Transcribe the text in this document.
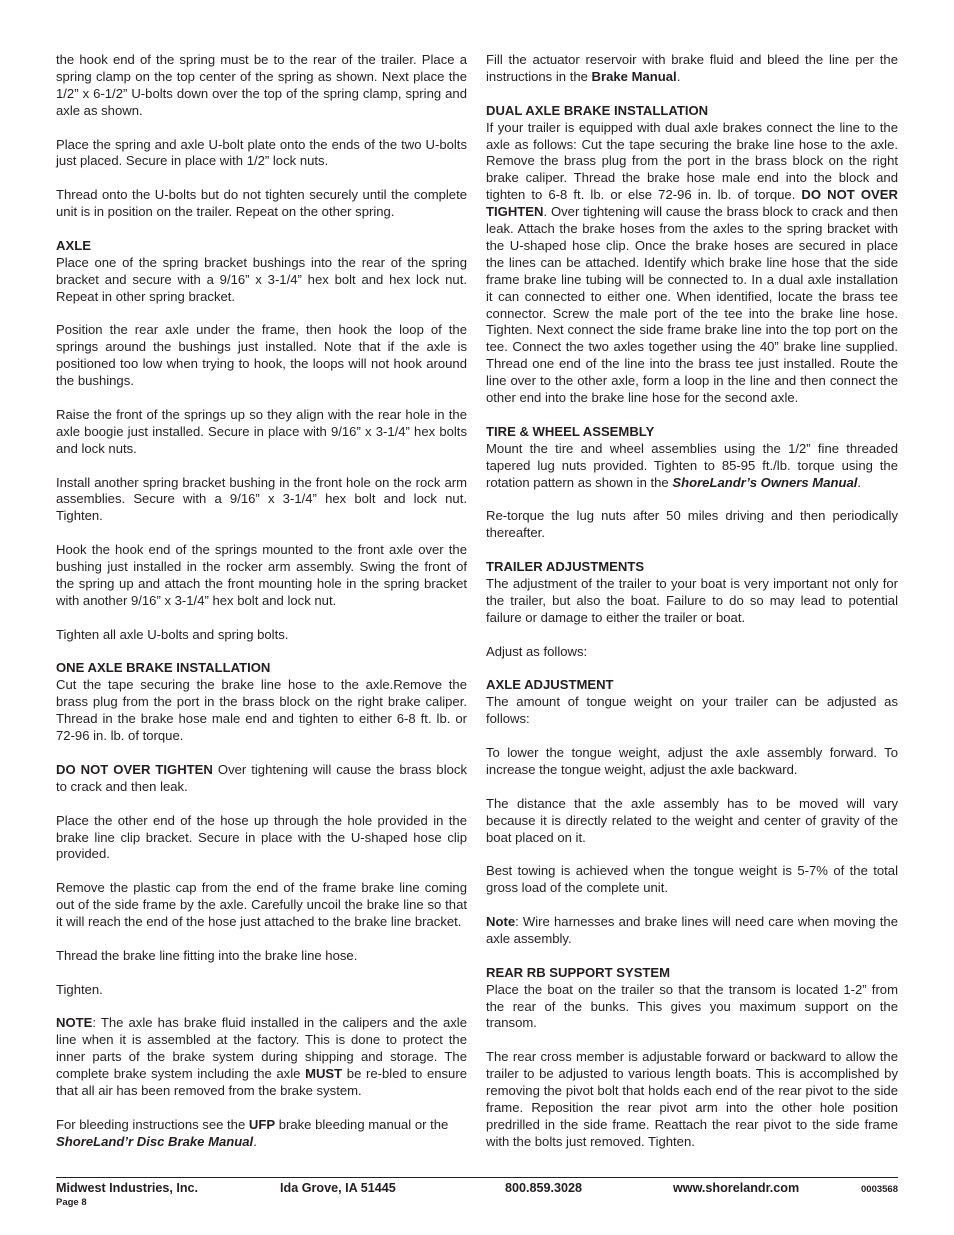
the hook end of the spring must be to the rear of the trailer. Place a spring clamp on the top center of the spring as shown. Next place the 1/2” x 6-1/2” U-bolts down over the top of the spring clamp, spring and axle as shown.

Place the spring and axle U-bolt plate onto the ends of the two U-bolts just placed. Secure in place with 1/2” lock nuts.

Thread onto the U-bolts but do not tighten securely until the complete unit is in position on the trailer. Repeat on the other spring.

AXLE

Place one of the spring bracket bushings into the rear of the spring bracket and secure with a 9/16” x 3-1/4” hex bolt and hex lock nut. Repeat in other spring bracket.

Position the rear axle under the frame, then hook the loop of the springs around the bushings just installed. Note that if the axle is positioned too low when trying to hook, the loops will not hook around the bushings.

Raise the front of the springs up so they align with the rear hole in the axle boogie just installed. Secure in place with 9/16” x 3-1/4” hex bolts and lock nuts.

Install another spring bracket bushing in the front hole on the rock arm assemblies. Secure with a 9/16” x 3-1/4” hex bolt and lock nut. Tighten.

Hook the hook end of the springs mounted to the front axle over the bushing just installed in the rocker arm assembly. Swing the front of the spring up and attach the front mounting hole in the spring bracket with another 9/16” x 3-1/4” hex bolt and lock nut.

Tighten all axle U-bolts and spring bolts.

ONE AXLE BRAKE INSTALLATION

Cut the tape securing the brake line hose to the axle.Remove the brass plug from the port in the brass block on the right brake caliper. Thread in the brake hose male end and tighten to either 6-8 ft. lb. or 72-96 in. lb. of torque.

DO NOT OVER TIGHTEN Over tightening will cause the brass block to crack and then leak.

Place the other end of the hose up through the hole provided in the brake line clip bracket. Secure in place with the U-shaped hose clip provided.

Remove the plastic cap from the end of the frame brake line coming out of the side frame by the axle. Carefully uncoil the brake line so that it will reach the end of the hose just attached to the brake line bracket.

Thread the brake line fitting into the brake line hose.

Tighten.

NOTE: The axle has brake fluid installed in the calipers and the axle line when it is assembled at the factory. This is done to protect the inner parts of the brake system during shipping and storage. The complete brake system including the axle MUST be re-bled to ensure that all air has been removed from the brake system.

For bleeding instructions see the UFP brake bleeding manual or the ShoreLand’r Disc Brake Manual.

Fill the actuator reservoir with brake fluid and bleed the line per the instructions in the Brake Manual.

DUAL AXLE BRAKE INSTALLATION

If your trailer is equipped with dual axle brakes connect the line to the axle as follows: Cut the tape securing the brake line hose to the axle. Remove the brass plug from the port in the brass block on the right brake caliper. Thread the brake hose male end into the block and tighten to 6-8 ft. lb. or else 72-96 in. lb. of torque. DO NOT OVER TIGHTEN. Over tightening will cause the brass block to crack and then leak. Attach the brake hoses from the axles to the spring bracket with the U-shaped hose clip. Once the brake hoses are secured in place the lines can be attached. Identify which brake line hose that the side frame brake line tubing will be connected to. In a dual axle installation it can connected to either one. When identified, locate the brass tee connector. Screw the male port of the tee into the brake line hose. Tighten. Next connect the side frame brake line into the top port on the tee. Connect the two axles together using the 40” brake line supplied. Thread one end of the line into the brass tee just installed. Route the line over to the other axle, form a loop in the line and then connect the other end into the brake line hose for the second axle.

TIRE & WHEEL ASSEMBLY

Mount the tire and wheel assemblies using the 1/2” fine threaded tapered lug nuts provided. Tighten to 85-95 ft./lb. torque using the rotation pattern as shown in the ShoreLandr’s Owners Manual.

Re-torque the lug nuts after 50 miles driving and then periodically thereafter.

TRAILER ADJUSTMENTS

The adjustment of the trailer to your boat is very important not only for the trailer, but also the boat. Failure to do so may lead to potential failure or damage to either the trailer or boat.

Adjust as follows:

AXLE ADJUSTMENT

The amount of tongue weight on your trailer can be adjusted as follows:

To lower the tongue weight, adjust the axle assembly forward. To increase the tongue weight, adjust the axle backward.

The distance that the axle assembly has to be moved will vary because it is directly related to the weight and center of gravity of the boat placed on it.

Best towing is achieved when the tongue weight is 5-7% of the total gross load of the complete unit.

Note: Wire harnesses and brake lines will need care when moving the axle assembly.

REAR RB SUPPORT SYSTEM

Place the boat on the trailer so that the transom is located 1-2” from the rear of the bunks. This gives you maximum support on the transom.

The rear cross member is adjustable forward or backward to allow the trailer to be adjusted to various length boats. This is accomplished by removing the pivot bolt that holds each end of the rear pivot to the side frame. Reposition the rear pivot arm into the other hole position predrilled in the side frame. Reattach the rear pivot to the side frame with the bolts just removed. Tighten.

Midwest Industries, Inc.	Ida Grove, IA 51445	800.859.3028	www.shorelandr.com	0003568
Page 8
